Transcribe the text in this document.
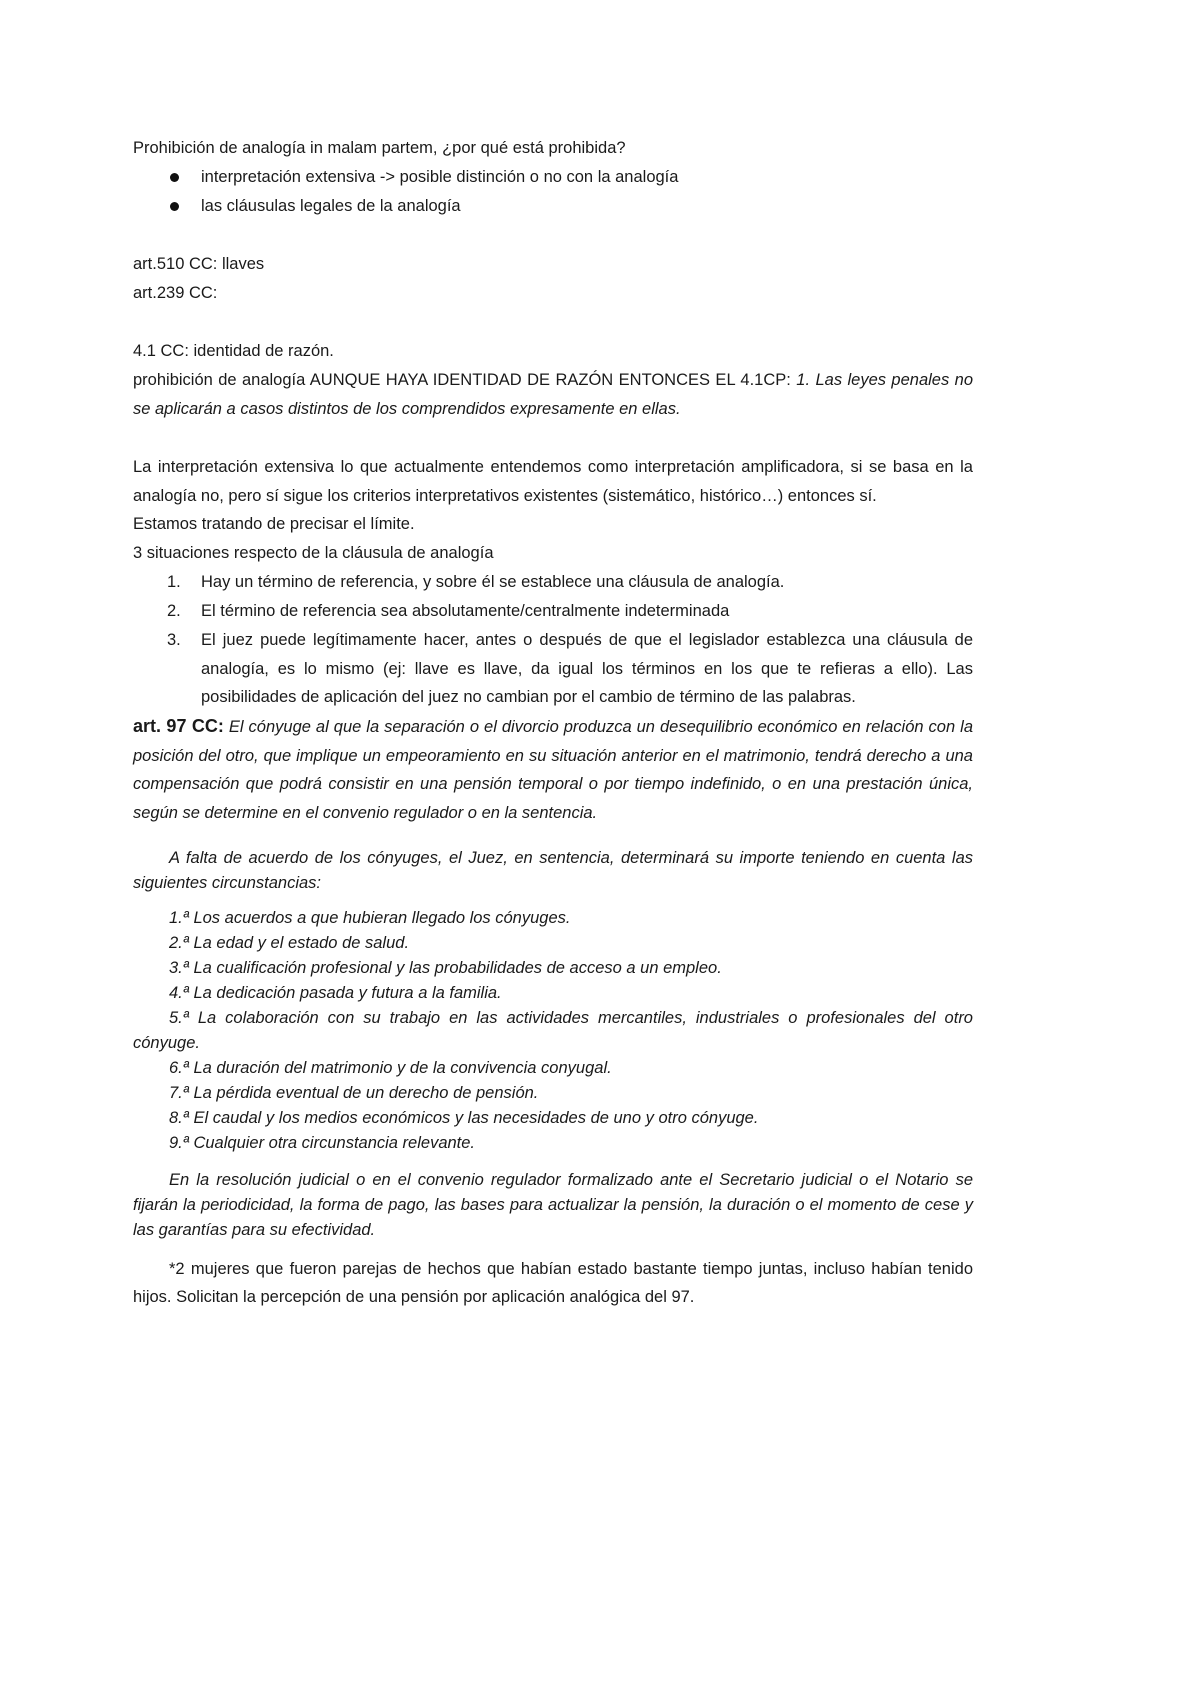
Prohibición de analogía in malam partem, ¿por qué está prohibida?

interpretación extensiva -> posible distinción o no con la analogía
las cláusulas legales de la analogía

art.510 CC: llaves

art.239 CC:

4.1 CC: identidad de razón.

prohibición de analogía AUNQUE HAYA IDENTIDAD DE RAZÓN ENTONCES EL 4.1CP: 1. Las leyes penales no se aplicarán a casos distintos de los comprendidos expresamente en ellas.

La interpretación extensiva lo que actualmente entendemos como interpretación amplificadora, si se basa en la analogía no, pero sí sigue los criterios interpretativos existentes (sistemático, histórico…) entonces sí.

Estamos tratando de precisar el límite.

3 situaciones respecto de la cláusula de analogía

1. Hay un término de referencia, y sobre él se establece una cláusula de analogía.
2. El término de referencia sea absolutamente/centralmente indeterminada
3. El juez puede legítimamente hacer, antes o después de que el legislador establezca una cláusula de analogía, es lo mismo (ej: llave es llave, da igual los términos en los que te refieras a ello). Las posibilidades de aplicación del juez no cambian por el cambio de término de las palabras.

art. 97 CC: El cónyuge al que la separación o el divorcio produzca un desequilibrio económico en relación con la posición del otro, que implique un empeoramiento en su situación anterior en el matrimonio, tendrá derecho a una compensación que podrá consistir en una pensión temporal o por tiempo indefinido, o en una prestación única, según se determine en el convenio regulador o en la sentencia.

A falta de acuerdo de los cónyuges, el Juez, en sentencia, determinará su importe teniendo en cuenta las siguientes circunstancias:

1.ª Los acuerdos a que hubieran llegado los cónyuges.
2.ª La edad y el estado de salud.
3.ª La cualificación profesional y las probabilidades de acceso a un empleo.
4.ª La dedicación pasada y futura a la familia.
5.ª La colaboración con su trabajo en las actividades mercantiles, industriales o profesionales del otro cónyuge.
6.ª La duración del matrimonio y de la convivencia conyugal.
7.ª La pérdida eventual de un derecho de pensión.
8.ª El caudal y los medios económicos y las necesidades de uno y otro cónyuge.
9.ª Cualquier otra circunstancia relevante.

En la resolución judicial o en el convenio regulador formalizado ante el Secretario judicial o el Notario se fijarán la periodicidad, la forma de pago, las bases para actualizar la pensión, la duración o el momento de cese y las garantías para su efectividad.

*2 mujeres que fueron parejas de hechos que habían estado bastante tiempo juntas, incluso habían tenido hijos. Solicitan la percepción de una pensión por aplicación analógica del 97.
